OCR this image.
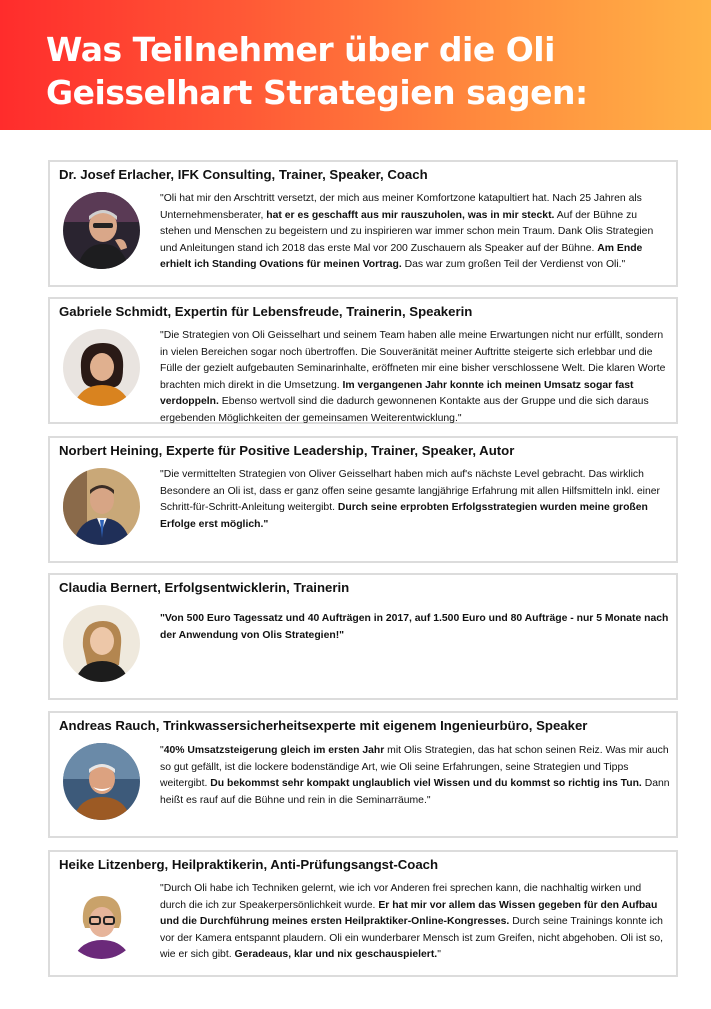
Was Teilnehmer über die Oli Geisselhart Strategien sagen:
Dr. Josef Erlacher, IFK Consulting, Trainer, Speaker, Coach
"Oli hat mir den Arschtritt versetzt, der mich aus meiner Komfortzone katapultiert hat. Nach 25 Jahren als Unternehmensberater, hat er es geschafft aus mir rauszuholen, was in mir steckt. Auf der Bühne zu stehen und Menschen zu begeistern und zu inspirieren war immer schon mein Traum. Dank Olis Strategien und Anleitungen stand ich 2018 das erste Mal vor 200 Zuschauern als Speaker auf der Bühne. Am Ende erhielt ich Standing Ovations für meinen Vortrag. Das war zum großen Teil der Verdienst von Oli."
Gabriele Schmidt, Expertin für Lebensfreude, Trainerin, Speakerin
"Die Strategien von Oli Geisselhart und seinem Team haben alle meine Erwartungen nicht nur erfüllt, sondern in vielen Bereichen sogar noch übertroffen. Die Souveränität meiner Auftritte steigerte sich erlebbar und die Fülle der gezielt aufgebauten Seminarinhalte, eröffneten mir eine bisher verschlossene Welt. Die klaren Worte brachten mich direkt in die Umsetzung. Im vergangenen Jahr konnte ich meinen Umsatz sogar fast verdoppeln. Ebenso wertvoll sind die dadurch gewonnenen Kontakte aus der Gruppe und die sich daraus ergebenden Möglichkeiten der gemeinsamen Weiterentwicklung."
Norbert Heining, Experte für Positive Leadership, Trainer, Speaker, Autor
"Die vermittelten Strategien von Oliver Geisselhart haben mich auf's nächste Level gebracht. Das wirklich Besondere an Oli ist, dass er ganz offen seine gesamte langjährige Erfahrung mit allen Hilfsmitteln inkl. einer Schritt-für-Schritt-Anleitung weitergibt. Durch seine erprobten Erfolgsstrategien wurden meine großen Erfolge erst möglich."
Claudia Bernert, Erfolgsentwicklerin, Trainerin
"Von 500 Euro Tagessatz und 40 Aufträgen in 2017, auf 1.500 Euro und 80 Aufträge - nur 5 Monate nach der Anwendung von Olis Strategien!"
Andreas Rauch, Trinkwassersicherheitsexperte mit eigenem Ingenieurbüro, Speaker
"40% Umsatzsteigerung gleich im ersten Jahr mit Olis Strategien, das hat schon seinen Reiz. Was mir auch so gut gefällt, ist die lockere bodenständige Art, wie Oli seine Erfahrungen, seine Strategien und Tipps weitergibt. Du bekommst sehr kompakt unglaublich viel Wissen und du kommst so richtig ins Tun. Dann heißt es rauf auf die Bühne und rein in die Seminarräume."
Heike Litzenberg, Heilpraktikerin, Anti-Prüfungsangst-Coach
"Durch Oli habe ich Techniken gelernt, wie ich vor Anderen frei sprechen kann, die nachhaltig wirken und durch die ich zur Speakerpersönlichkeit wurde. Er hat mir vor allem das Wissen gegeben für den Aufbau und die Durchführung meines ersten Heilpraktiker-Online-Kongresses. Durch seine Trainings konnte ich vor der Kamera entspannt plaudern. Oli ein wunderbarer Mensch ist zum Greifen, nicht abgehoben. Oli ist so, wie er sich gibt. Geradeaus, klar und nix geschauspielert."
